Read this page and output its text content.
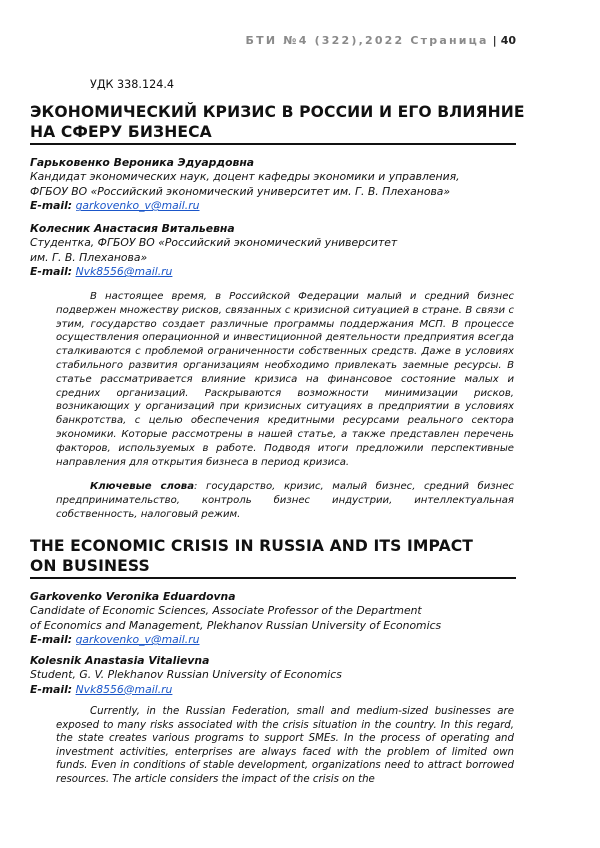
БТИ №4 (322),2022 Страница | 40
УДК 338.124.4
ЭКОНОМИЧЕСКИЙ КРИЗИС В РОССИИ И ЕГО ВЛИЯНИЕ
НА СФЕРУ БИЗНЕСА
Гарьковенко Вероника Эдуардовна
Кандидат экономических наук, доцент кафедры экономики и управления,
ФГБОУ ВО «Российский экономический университет им. Г. В. Плеханова»
E-mail: garkovenko_v@mail.ru
Колесник Анастасия Витальевна
Студентка, ФГБОУ ВО «Российский экономический университет
им. Г. В. Плеханова»
E-mail: Nvk8556@mail.ru
В настоящее время, в Российской Федерации малый и средний бизнес подвержен множеству рисков, связанных с кризисной ситуацией в стране. В связи с этим, государство создает различные программы поддержания МСП. В процессе осуществления операционной и инвестиционной деятельности предприятия всегда сталкиваются с проблемой ограниченности собственных средств. Даже в условиях стабильного развития организациям необходимо привлекать заемные ресурсы. В статье рассматривается влияние кризиса на финансовое состояние малых и средних организаций. Раскрываются возможности минимизации рисков, возникающих у организаций при кризисных ситуациях в предприятии в условиях банкротства, с целью обеспечения кредитными ресурсами реального сектора экономики. Которые рассмотрены в нашей статье, а также представлен перечень факторов, используемых в работе. Подводя итоги предложили перспективные направления для открытия бизнеса в период кризиса.
Ключевые слова: государство, кризис, малый бизнес, средний бизнес предпринимательство, контроль бизнес индустрии, интеллектуальная собственность, налоговый режим.
THE ECONOMIC CRISIS IN RUSSIA AND ITS IMPACT
ON BUSINESS
Garkovenko Veronika Eduardovna
Candidate of Economic Sciences, Associate Professor of the Department
of Economics and Management, Plekhanov Russian University of Economics
E-mail: garkovenko_v@mail.ru
Kolesnik Anastasia Vitalievna
Student, G. V. Plekhanov Russian University of Economics
E-mail: Nvk8556@mail.ru
Currently, in the Russian Federation, small and medium-sized businesses are exposed to many risks associated with the crisis situation in the country. In this regard, the state creates various programs to support SMEs. In the process of operating and investment activities, enterprises are always faced with the problem of limited own funds. Even in conditions of stable development, organizations need to attract borrowed resources. The article considers the impact of the crisis on the
